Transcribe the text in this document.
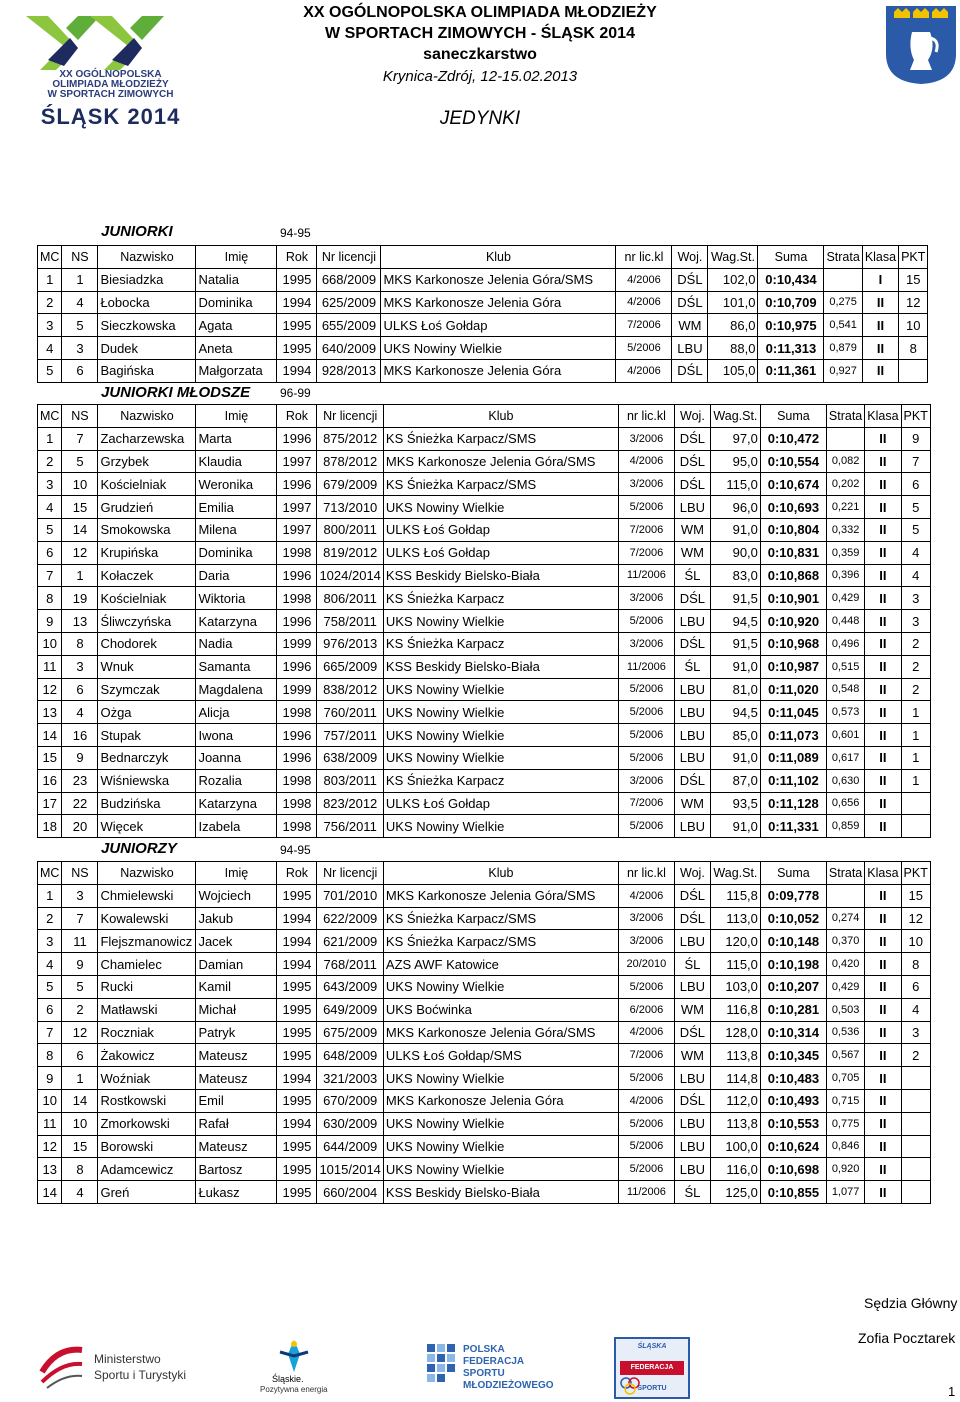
XX OGÓLNOPOLSKA OLIMPIADA MŁODZIEŻY
W SPORTACH ZIMOWYCH - ŚLĄSK 2014
saneczkarstwo
Krynica-Zdrój, 12-15.02.2013
JEDYNKI
XX OGÓLNOPOLSKA
OLIMPIADA MŁODZIEŻY
W SPORTACH ZIMOWYCH
ŚLĄSK 2014
JUNIORKI	94-95
MC	NS	Nazwisko	Imię	Rok	Nr licencji	Klub	nr lic.kl	Woj.	Wag.St.	Suma	Strata	Klasa	PKT
1	1	Biesiadzka	Natalia	1995	668/2009	MKS Karkonosze Jelenia Góra/SMS	4/2006	DŚL	102,0	0:10,434		I	15
2	4	Łobocka	Dominika	1994	625/2009	MKS Karkonosze Jelenia Góra	4/2006	DŚL	101,0	0:10,709	0,275	II	12
3	5	Sieczkowska	Agata	1995	655/2009	ULKS Łoś Gołdap	7/2006	WM	86,0	0:10,975	0,541	II	10
4	3	Dudek	Aneta	1995	640/2009	UKS Nowiny Wielkie	5/2006	LBU	88,0	0:11,313	0,879	II	8
5	6	Bagińska	Małgorzata	1994	928/2013	MKS Karkonosze Jelenia Góra	4/2006	DŚL	105,0	0:11,361	0,927	II	
JUNIORKI MŁODSZE 96-99
MC	NS	Nazwisko	Imię	Rok	Nr licencji	Klub	nr lic.kl	Woj.	Wag.St.	Suma	Strata	Klasa	PKT
1	7	Zacharzewska	Marta	1996	875/2012	KS Śnieżka Karpacz/SMS	3/2006	DŚL	97,0	0:10,472		II	9
2	5	Grzybek	Klaudia	1997	878/2012	MKS Karkonosze Jelenia Góra/SMS	4/2006	DŚL	95,0	0:10,554	0,082	II	7
3	10	Kościelniak	Weronika	1996	679/2009	KS Śnieżka Karpacz/SMS	3/2006	DŚL	115,0	0:10,674	0,202	II	6
4	15	Grudzień	Emilia	1997	713/2010	UKS Nowiny Wielkie	5/2006	LBU	96,0	0:10,693	0,221	II	5
5	14	Smokowska	Milena	1997	800/2011	ULKS Łoś Gołdap	7/2006	WM	91,0	0:10,804	0,332	II	5
6	12	Krupińska	Dominika	1998	819/2012	ULKS Łoś Gołdap	7/2006	WM	90,0	0:10,831	0,359	II	4
7	1	Kołaczek	Daria	1996	1024/2014	KSS Beskidy Bielsko-Biała	11/2006	ŚL	83,0	0:10,868	0,396	II	4
8	19	Kościelniak	Wiktoria	1998	806/2011	KS Śnieżka Karpacz	3/2006	DŚL	91,5	0:10,901	0,429	II	3
9	13	Śliwczyńska	Katarzyna	1996	758/2011	UKS Nowiny Wielkie	5/2006	LBU	94,5	0:10,920	0,448	II	3
10	8	Chodorek	Nadia	1999	976/2013	KS Śnieżka Karpacz	3/2006	DŚL	91,5	0:10,968	0,496	II	2
11	3	Wnuk	Samanta	1996	665/2009	KSS Beskidy Bielsko-Biała	11/2006	ŚL	91,0	0:10,987	0,515	II	2
12	6	Szymczak	Magdalena	1999	838/2012	UKS Nowiny Wielkie	5/2006	LBU	81,0	0:11,020	0,548	II	2
13	4	Ożga	Alicja	1998	760/2011	UKS Nowiny Wielkie	5/2006	LBU	94,5	0:11,045	0,573	II	1
14	16	Stupak	Iwona	1996	757/2011	UKS Nowiny Wielkie	5/2006	LBU	85,0	0:11,073	0,601	II	1
15	9	Bednarczyk	Joanna	1996	638/2009	UKS Nowiny Wielkie	5/2006	LBU	91,0	0:11,089	0,617	II	1
16	23	Wiśniewska	Rozalia	1998	803/2011	KS Śnieżka Karpacz	3/2006	DŚL	87,0	0:11,102	0,630	II	1
17	22	Budzińska	Katarzyna	1998	823/2012	ULKS Łoś Gołdap	7/2006	WM	93,5	0:11,128	0,656	II	
18	20	Więcek	Izabela	1998	756/2011	UKS Nowiny Wielkie	5/2006	LBU	91,0	0:11,331	0,859	II	
JUNIORZY	94-95
MC	NS	Nazwisko	Imię	Rok	Nr licencji	Klub	nr lic.kl	Woj.	Wag.St.	Suma	Strata	Klasa	PKT
1	3	Chmielewski	Wojciech	1995	701/2010	MKS Karkonosze Jelenia Góra/SMS	4/2006	DŚL	115,8	0:09,778		II	15
2	7	Kowalewski	Jakub	1994	622/2009	KS Śnieżka Karpacz/SMS	3/2006	DŚL	113,0	0:10,052	0,274	II	12
3	11	Flejszmanowicz	Jacek	1994	621/2009	KS Śnieżka Karpacz/SMS	3/2006	LBU	120,0	0:10,148	0,370	II	10
4	9	Chamielec	Damian	1994	768/2011	AZS AWF Katowice	20/2010	ŚL	115,0	0:10,198	0,420	II	8
5	5	Rucki	Kamil	1995	643/2009	UKS Nowiny Wielkie	5/2006	LBU	103,0	0:10,207	0,429	II	6
6	2	Matławski	Michał	1995	649/2009	UKS Boćwinka	6/2006	WM	116,8	0:10,281	0,503	II	4
7	12	Roczniak	Patryk	1995	675/2009	MKS Karkonosze Jelenia Góra/SMS	4/2006	DŚL	128,0	0:10,314	0,536	II	3
8	6	Żakowicz	Mateusz	1995	648/2009	ULKS Łoś Gołdap/SMS	7/2006	WM	113,8	0:10,345	0,567	II	2
9	1	Woźniak	Mateusz	1994	321/2003	UKS Nowiny Wielkie	5/2006	LBU	114,8	0:10,483	0,705	II	
10	14	Rostkowski	Emil	1995	670/2009	MKS Karkonosze Jelenia Góra	4/2006	DŚL	112,0	0:10,493	0,715	II	
11	10	Zmorkowski	Rafał	1994	630/2009	UKS Nowiny Wielkie	5/2006	LBU	113,8	0:10,553	0,775	II	
12	15	Borowski	Mateusz	1995	644/2009	UKS Nowiny Wielkie	5/2006	LBU	100,0	0:10,624	0,846	II	
13	8	Adamcewicz	Bartosz	1995	1015/2014	UKS Nowiny Wielkie	5/2006	LBU	116,0	0:10,698	0,920	II	
14	4	Greń	Łukasz	1995	660/2004	KSS Beskidy Bielsko-Biała	11/2006	ŚL	125,0	0:10,855	1,077	II	
Sędzia Główny
Zofia Pocztarek
1
Ministerstwo
Sportu i Turystyki	Śląskie.
Pozytywna energia
POLSKA
FEDERACJA
SPORTU
MŁODZIEŻOWEGO
ŚLĄSKA
FEDERACJA
SPORTU
